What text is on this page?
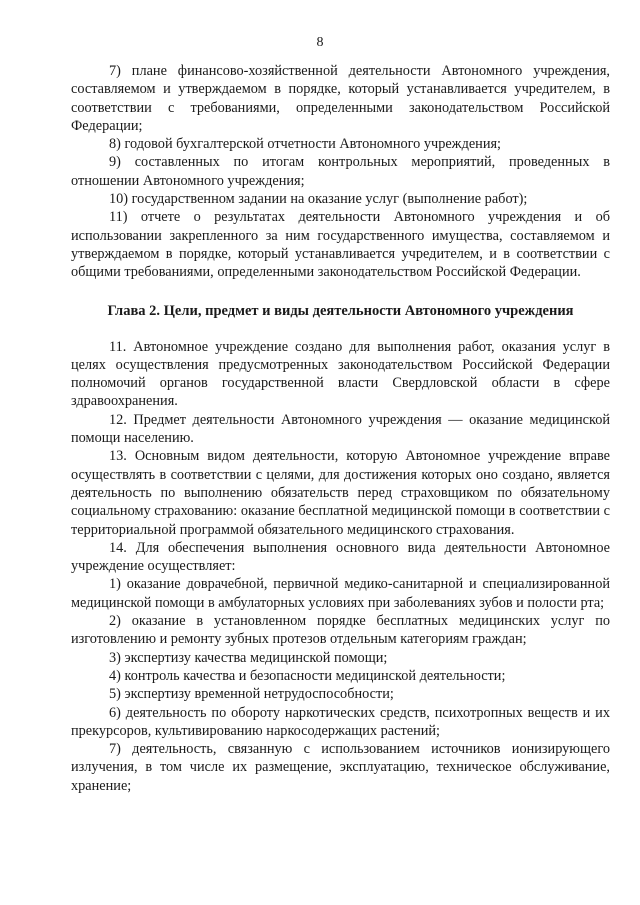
8

7) плане финансово-хозяйственной деятельности Автономного учреждения, составляемом и утверждаемом в порядке, который устанавливается учредителем, в соответствии с требованиями, определенными законодательством Российской Федерации;

8) годовой бухгалтерской отчетности Автономного учреждения;

9) составленных по итогам контрольных мероприятий, проведенных в отношении Автономного учреждения;

10) государственном задании на оказание услуг (выполнение работ);

11) отчете о результатах деятельности Автономного учреждения и об использовании закрепленного за ним государственного имущества, составляемом и утверждаемом в порядке, который устанавливается учредителем, и в соответствии с общими требованиями, определенными законодательством Российской Федерации.

Глава 2. Цели, предмет и виды деятельности Автономного учреждения

11. Автономное учреждение создано для выполнения работ, оказания услуг в целях осуществления предусмотренных законодательством Российской Федерации полномочий органов государственной власти Свердловской области в сфере здравоохранения.

12. Предмет деятельности Автономного учреждения — оказание медицинской помощи населению.

13. Основным видом деятельности, которую Автономное учреждение вправе осуществлять в соответствии с целями, для достижения которых оно создано, является деятельность по выполнению обязательств перед страховщиком по обязательному социальному страхованию: оказание бесплатной медицинской помощи в соответствии с территориальной программой обязательного медицинского страхования.

14. Для обеспечения выполнения основного вида деятельности Автономное учреждение осуществляет:

1) оказание доврачебной, первичной медико-санитарной и специализированной медицинской помощи в амбулаторных условиях при заболеваниях зубов и полости рта;

2) оказание в установленном порядке бесплатных медицинских услуг по изготовлению и ремонту зубных протезов отдельным категориям граждан;

3) экспертизу качества медицинской помощи;

4) контроль качества и безопасности медицинской деятельности;

5) экспертизу временной нетрудоспособности;

6) деятельность по обороту наркотических средств, психотропных веществ и их прекурсоров, культивированию наркосодержащих растений;

7) деятельность, связанную с использованием источников ионизирующего излучения, в том числе их размещение, эксплуатацию, техническое обслуживание, хранение;
